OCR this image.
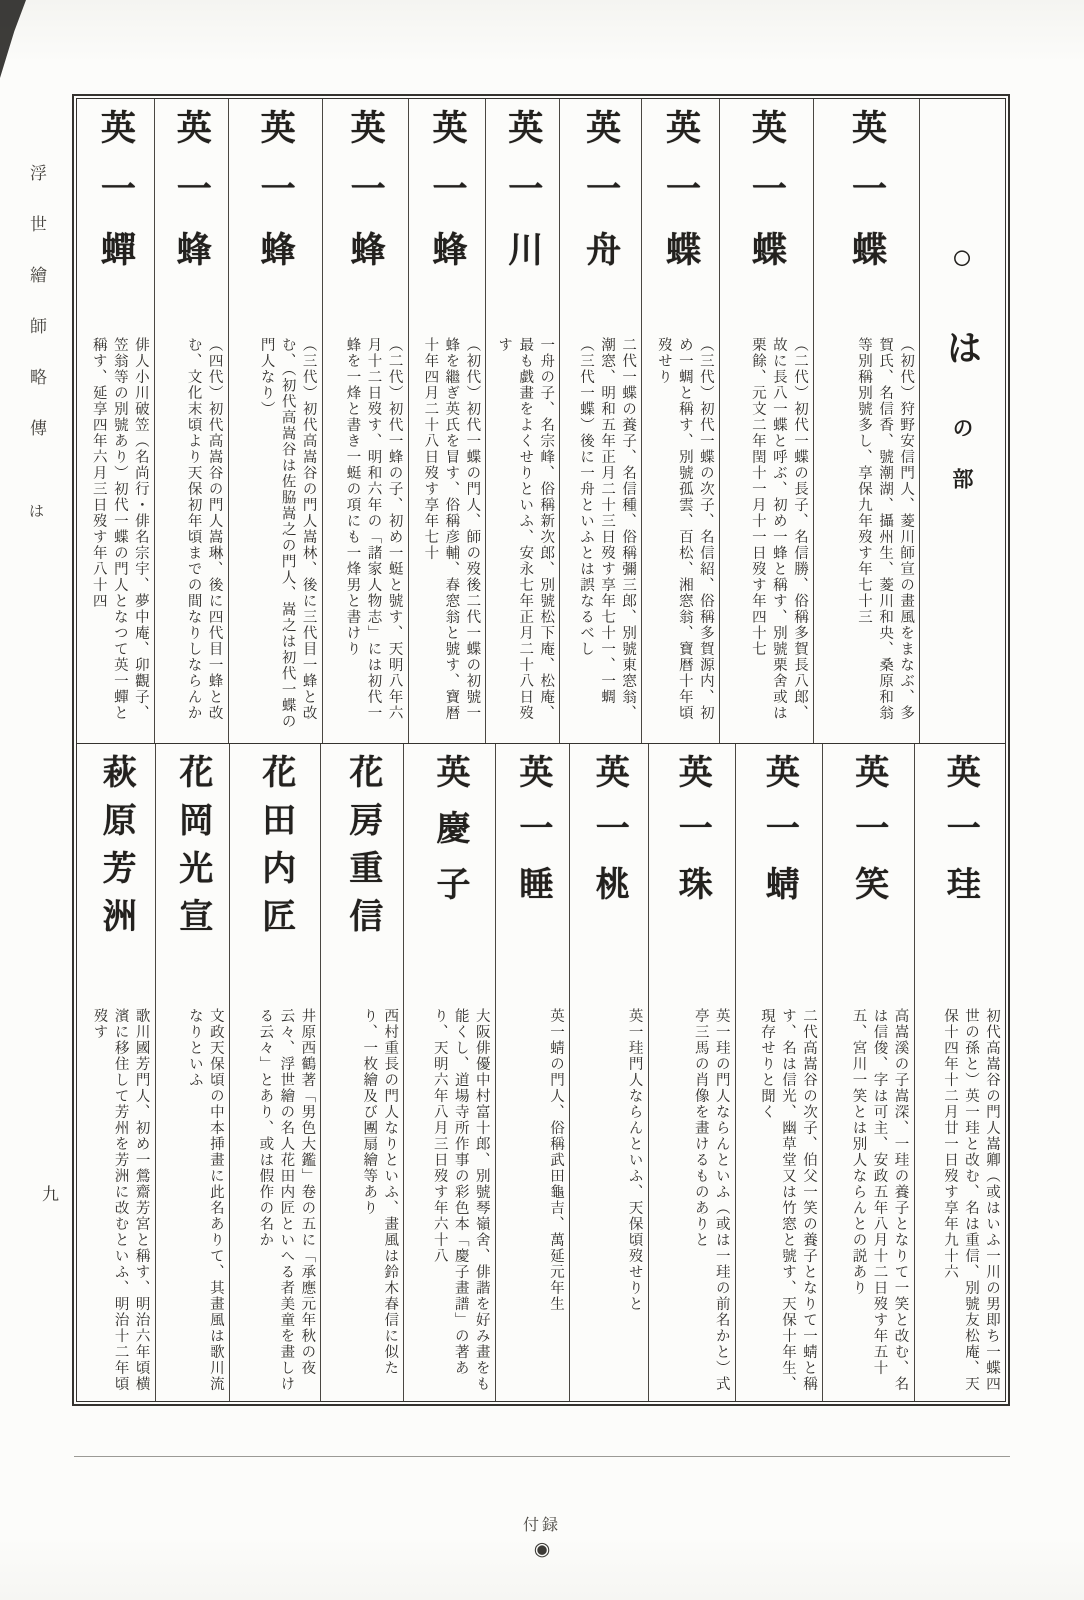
浮世繪師略傳
は
九
○はの部
英一蝶
（初代）狩野安信門人、菱川師宣の畫風をまなぶ、多賀氏、名信香、號潮湖、攝州生、菱川和央、桑原和翁等別稱別號多し、享保九年歿す年七十三
英一蝶
（二代）初代一蝶の長子、名信勝、俗稱多賀長八郎、故に長八一蝶と呼ぶ、初め一蜂と稱す、別號栗舍或は栗餘、元文二年閏十一月十一日歿す年四十七
英一蝶
（三代）初代一蝶の次子、名信紹、俗稱多賀源内、初め一蜩と稱す、別號孤雲、百松、湘窓翁、寶暦十年頃歿せり
英一舟
二代一蝶の養子、名信種、俗稱彌三郎、別號東窓翁、潮窓、明和五年正月二十三日歿す享年七十一、一蜩（三代一蝶）後に一舟といふとは誤なるべし
英一川
一舟の子、名宗峰、俗稱新次郎、別號松下庵、松庵、最も戯畫をよくせりといふ、安永七年正月二十八日歿す
英一蜂
（初代）初代一蝶の門人、師の歿後二代一蝶の初號一蜂を繼ぎ英氏を冒す、俗稱彦輔、春窓翁と號す、寶暦十年四月二十八日歿す享年七十
英一蜂
（二代）初代一蜂の子、初め一蜓と號す、天明八年六月十二日歿す、明和六年の「諸家人物志」には初代一蜂を一烽と書き一蜓の項にも一烽男と書けり
英一蜂
（三代）初代高嵩谷の門人嵩林、後に三代目一蜂と改む、（初代高嵩谷は佐脇嵩之の門人、嵩之は初代一蝶の門人なり）
英一蜂
（四代）初代高嵩谷の門人嵩琳、後に四代目一蜂と改む、文化末頃より天保初年頃までの間なりしならんか
英一蟬
俳人小川破笠（名尚行・俳名宗宇、夢中庵、卯觀子、笠翁等の別號あり）初代一蝶の門人となつて英一蟬と稱す、延享四年六月三日歿す年八十四
英一珪
初代高嵩谷の門人嵩卿（或はいふ一川の男即ち一蝶四世の孫と）英一珪と改む、名は重信、別號友松庵、天保十四年十二月廿一日歿す享年九十六
英一笑
高嵩溪の子嵩深、一珪の養子となりて一笑と改む、名は信俊、字は可主、安政五年八月十二日歿す年五十五、宮川一笑とは別人ならんとの説あり
英一蜻
二代高嵩谷の次子、伯父一笑の養子となりて一蜻と稱す、名は信光、幽草堂又は竹窓と號す、天保十年生、現存せりと聞く
英一珠
英一珪の門人ならんといふ（或は一珪の前名かと）式亭三馬の肖像を畫けるものありと
英一桃
英一珪門人ならんといふ、天保頃歿せりと
英一睡
英一蜻の門人、俗稱武田龜吉、萬延元年生
英慶子
大阪俳優中村富十郎、別號琴嶺舍、俳諧を好み畫をも能くし、道場寺所作事の彩色本「慶子畫譜」の著あり、天明六年八月三日歿す年六十八
花房重信
西村重長の門人なりといふ、畫風は鈴木春信に似たり、一枚繪及び團扇繪等あり
花田内匠
井原西鶴著「男色大鑑」卷の五に「承應元年秋の夜云々、浮世繪の名人花田内匠といへる者美童を畫しける云々」とあり、或は假作の名か
花岡光宣
文政天保頃の中本挿畫に此名ありて、其畫風は歌川流なりといふ
萩原芳洲
歌川國芳門人、初め一鶯齋芳宮と稱す、明治六年頃横濱に移住して芳州を芳洲に改むといふ、明治十二年頃歿す
付録
◉
